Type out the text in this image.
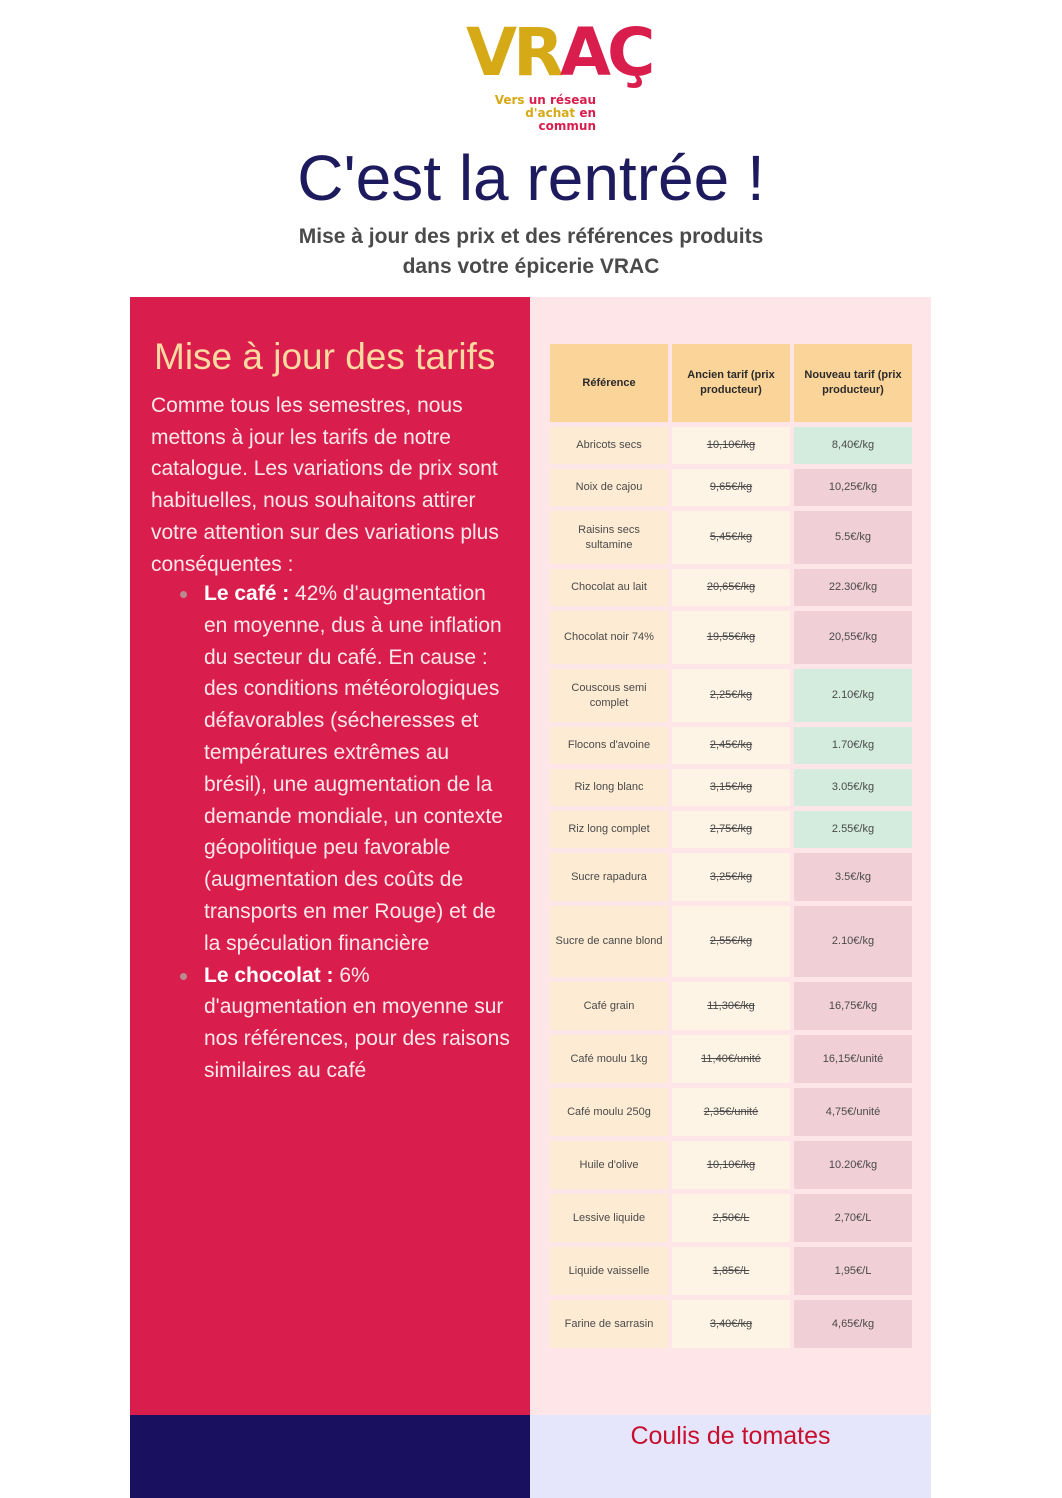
VRAÇ
Vers un réseau
d'achat en commun
C'est la rentrée !
Mise à jour des prix et des références produits
dans votre épicerie VRAC
Mise à jour des tarifs

Comme tous les semestres, nous mettons à jour les tarifs de notre catalogue. Les variations de prix sont habituelles, nous souhaitons attirer votre attention sur des variations plus conséquentes :

Le café : 42% d'augmentation en moyenne, dus à une inflation du secteur du café. En cause : des conditions météorologiques défavorables (sécheresses et températures extrêmes au brésil), une augmentation de la demande mondiale, un contexte géopolitique peu favorable (augmentation des coûts de transports en mer Rouge) et de la spéculation financière
Le chocolat : 6% d'augmentation en moyenne sur nos références, pour des raisons similaires au café
Référence	Ancien tarif (prix producteur)	Nouveau tarif (prix producteur)
Abricots secs	10,10€/kg	8,40€/kg
Noix de cajou	9,65€/kg	10,25€/kg
Raisins secs sultamine	5,45€/kg	5.5€/kg
Chocolat au lait	20,65€/kg	22.30€/kg
Chocolat noir 74%	19,55€/kg	20,55€/kg
Couscous semi complet	2,25€/kg	2.10€/kg
Flocons d'avoine	2,45€/kg	1.70€/kg
Riz long blanc	3,15€/kg	3.05€/kg
Riz long complet	2,75€/kg	2.55€/kg
Sucre rapadura	3,25€/kg	3.5€/kg
Sucre de canne blond	2,55€/kg	2.10€/kg
Café grain	11,30€/kg	16,75€/kg
Café moulu 1kg	11,40€/unité	16,15€/unité
Café moulu 250g	2,35€/unité	4,75€/unité
Huile d'olive	10,10€/kg	10.20€/kg
Lessive liquide	2,50€/L	2,70€/L
Liquide vaisselle	1,85€/L	1,95€/L
Farine de sarrasin	3,40€/kg	4,65€/kg
Coulis de tomates
